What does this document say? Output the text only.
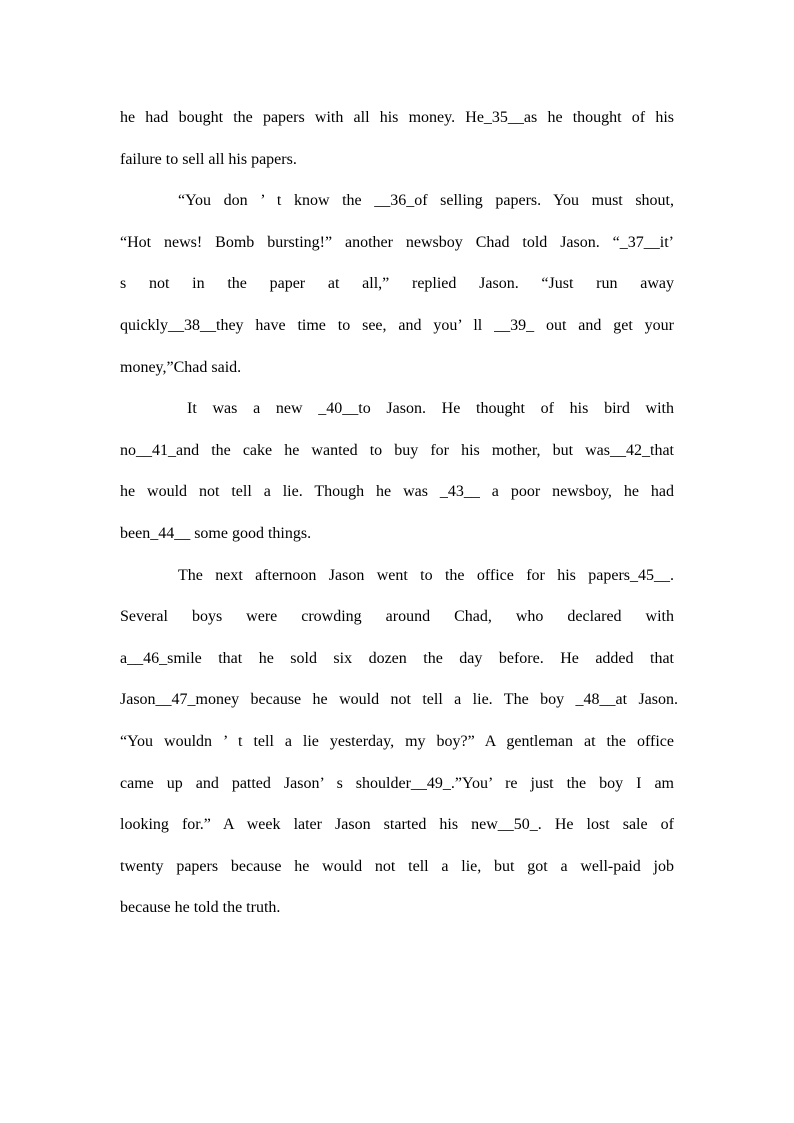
he had bought the papers with all his money. He_35__as he thought of his
failure to sell all his papers.
“You don ’ t know the __36_of selling papers. You must shout,
“Hot news! Bomb bursting!” another newsboy Chad told Jason. “_37__it’
s not in the paper at all,” replied Jason. “Just run away
quickly__38__they have time to see, and you’ ll __39_ out and get your
money,”Chad said.
It was a new _40__to Jason. He thought of his bird with
no__41_and the cake he wanted to buy for his mother, but was__42_that
he would not tell a lie. Though he was _43__ a poor newsboy, he had
been_44__ some good things.
The next afternoon Jason went to the office for his papers_45__.
Several boys were crowding around Chad, who declared with
a__46_smile that he sold six dozen the day before. He added that
Jason__47_money because he would not tell a lie. The boy _48__at Jason.
“You wouldn ’ t tell a lie yesterday, my boy?” A gentleman at the office
came up and patted Jason’ s shoulder__49_.”You’ re just the boy I am
looking for.” A week later Jason started his new__50_. He lost sale of
twenty papers because he would not tell a lie, but got a well-paid job
because he told the truth.
